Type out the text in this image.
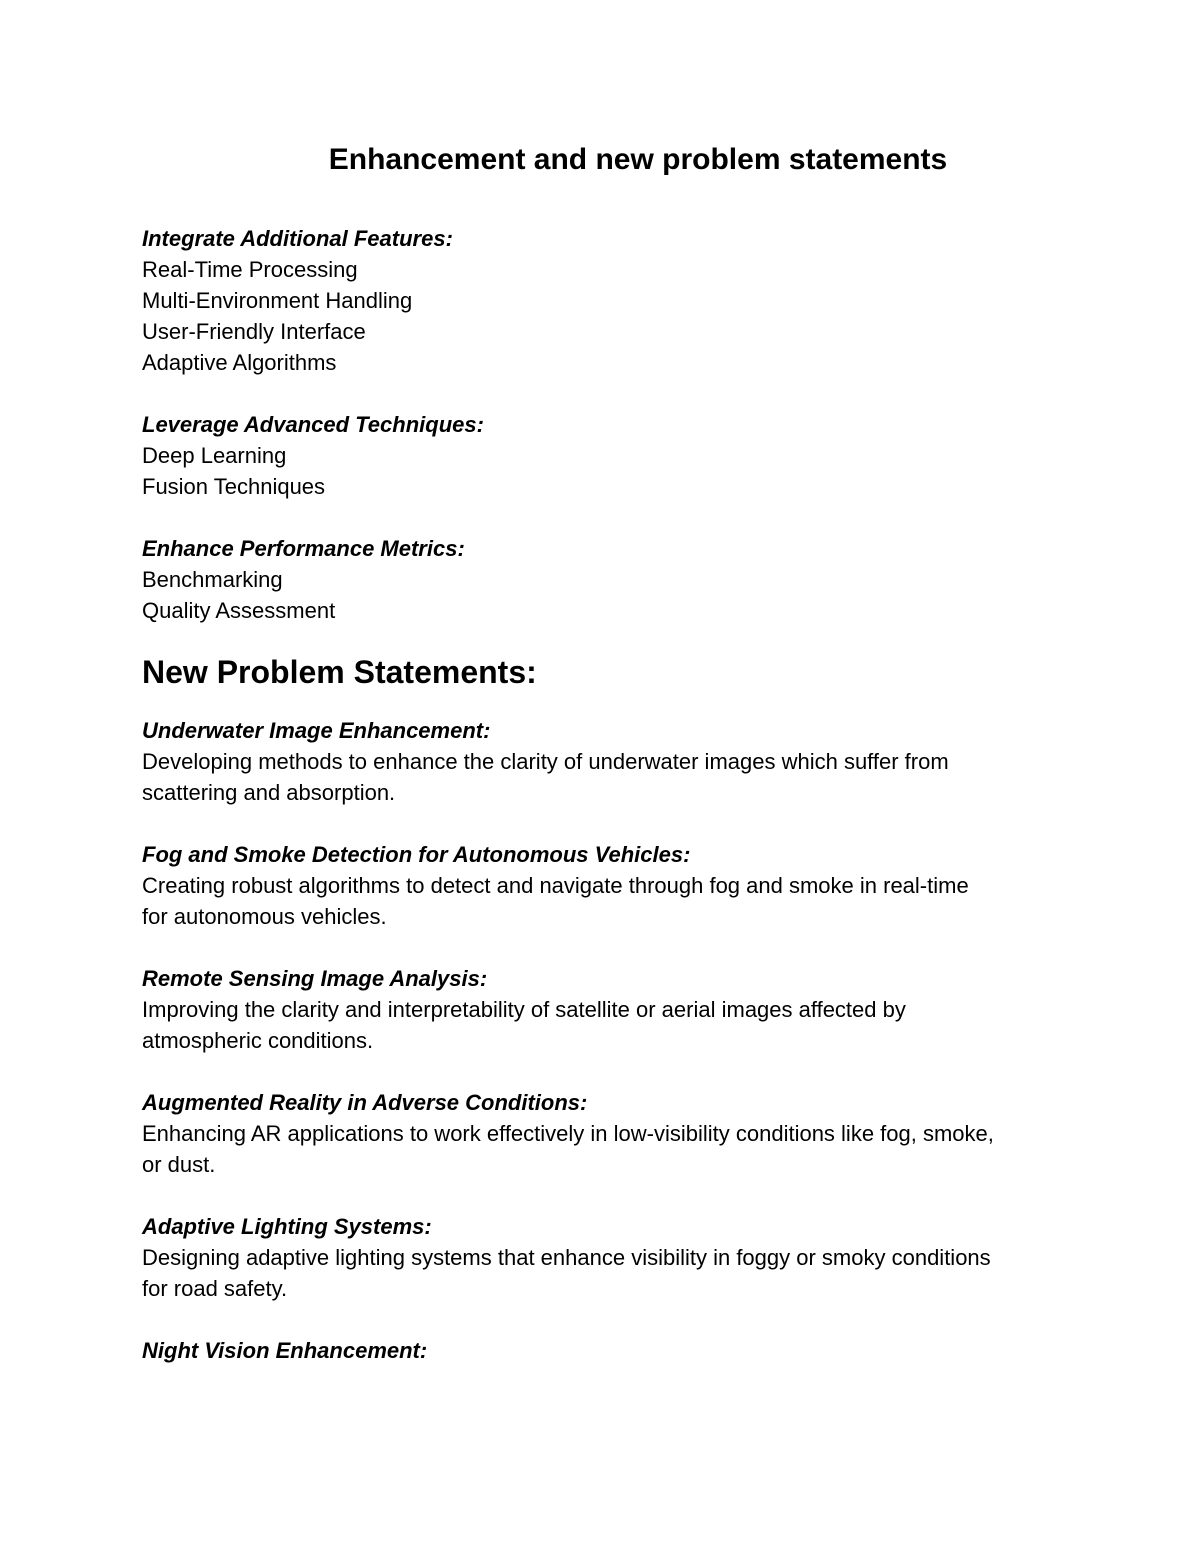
Enhancement and new problem statements

Integrate Additional Features:

Real-Time Processing

Multi-Environment Handling

User-Friendly Interface

Adaptive Algorithms

Leverage Advanced Techniques:

Deep Learning

Fusion Techniques

Enhance Performance Metrics:

Benchmarking

Quality Assessment

New Problem Statements:

Underwater Image Enhancement:

Developing methods to enhance the clarity of underwater images which suffer from

scattering and absorption.

Fog and Smoke Detection for Autonomous Vehicles:

Creating robust algorithms to detect and navigate through fog and smoke in real-time

for autonomous vehicles.

Remote Sensing Image Analysis:

Improving the clarity and interpretability of satellite or aerial images affected by

atmospheric conditions.

Augmented Reality in Adverse Conditions:

Enhancing AR applications to work effectively in low-visibility conditions like fog, smoke,

or dust.

Adaptive Lighting Systems:

Designing adaptive lighting systems that enhance visibility in foggy or smoky conditions

for road safety.

Night Vision Enhancement:
